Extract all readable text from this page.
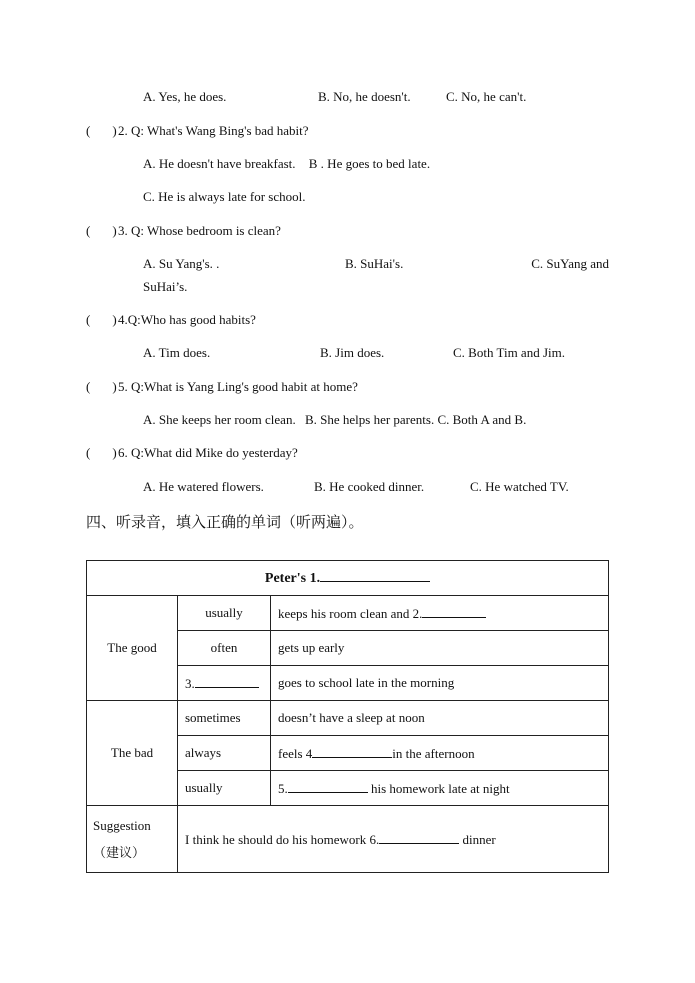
A. Yes, he does.	B. No, he doesn't.	C. No, he can't.
( )2. Q: What's Wang Bing's bad habit?
A. He doesn't have breakfast. B . He goes to bed late.
C. He is always late for school.
( )3. Q: Whose bedroom is clean?
A. Su Yang's. .	B. SuHai's.	C. SuYang and
SuHai’s.
( )4.Q:Who has good habits?
A. Tim does.	B. Jim does.	C. Both Tim and Jim.
( )5. Q:What is Yang Ling's good habit at home?
A. She keeps her room clean. B. She helps her parents. C. Both A and B.
( )6. Q:What did Mike do yesterday?
A. He watered flowers.	B. He cooked dinner.	C. He watched TV.
四、听录音，填入正确的单词（听两遍）。
Peter's 1.		
The good	usually	keeps his room clean and 2.
	often	gets up early
	3.	goes to school late in the morning
The bad	sometimes	doesn’t have a sleep at noon
	always	feels 4 in the afternoon
	usually	5. his homework late at night

Suggestion
（建议）	I think he should do his homework 6. dinner	
